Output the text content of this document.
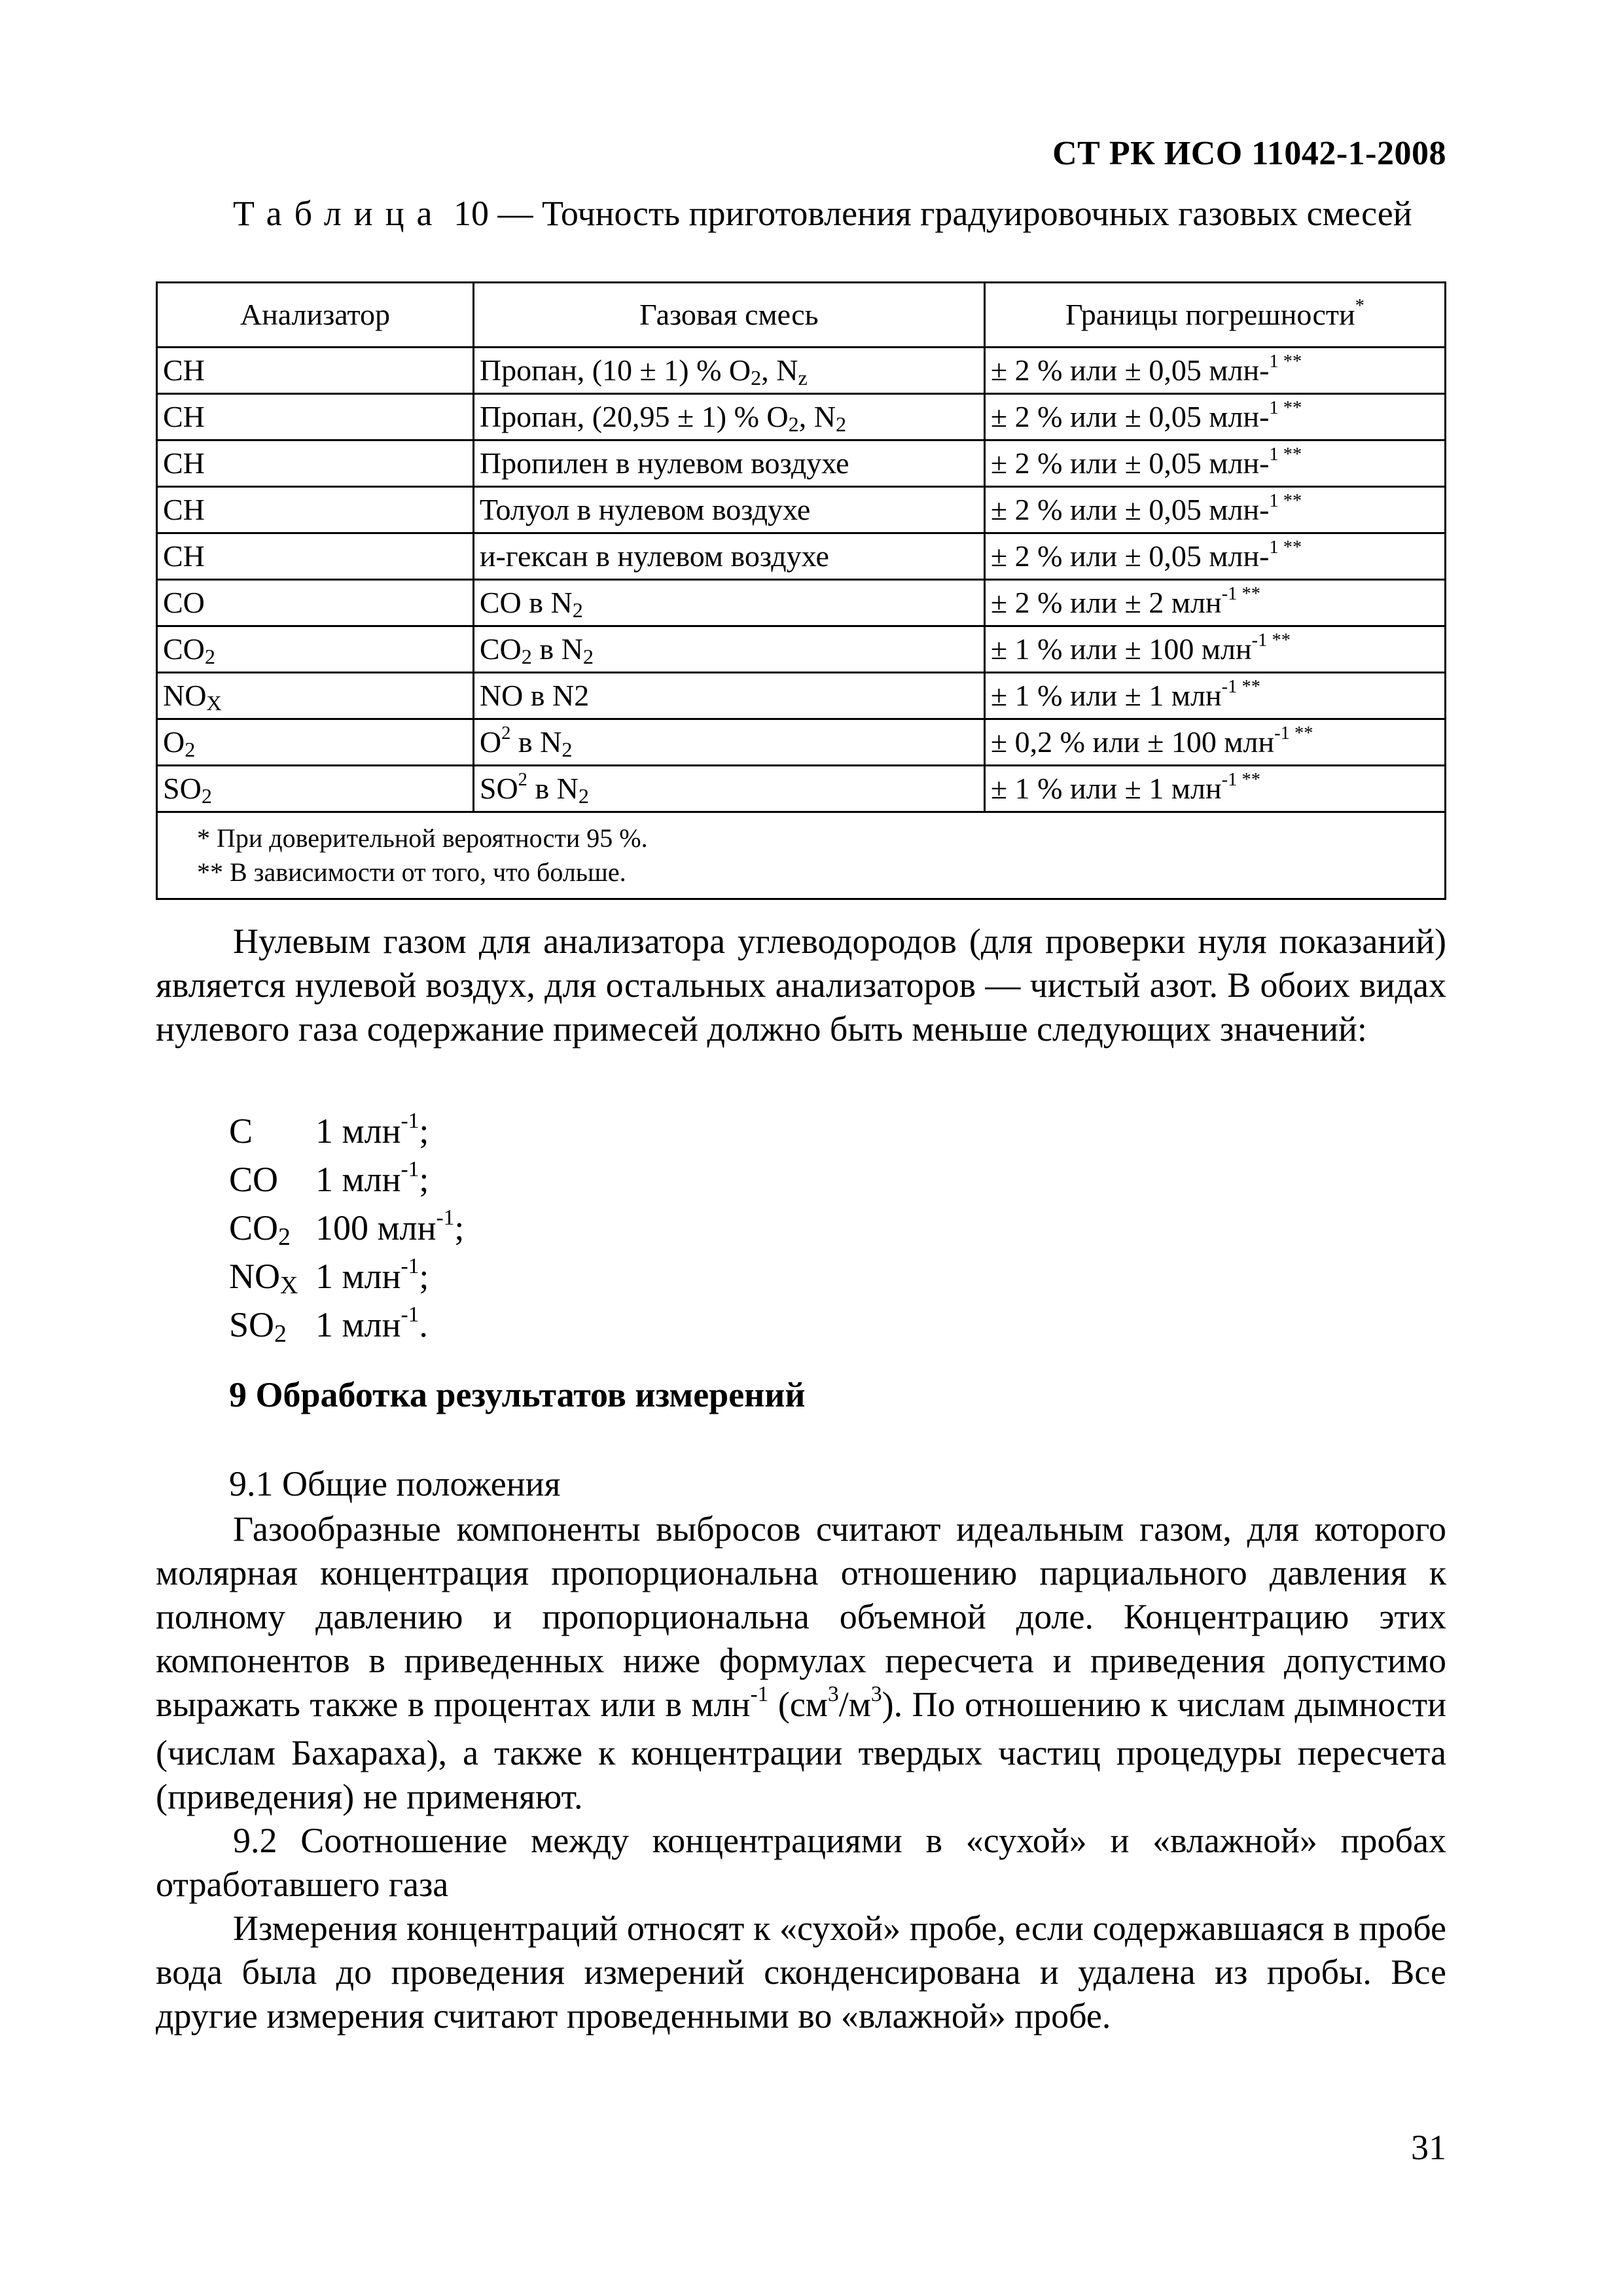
СТ РК ИСО 11042-1-2008
Таблица 10 — Точность приготовления градуировочных газовых смесей
Анализатор	Газовая смесь	Границы погрешности*
CH	Пропан, (10 ± 1) % O2, Nz	± 2 % или ± 0,05 млн-$^{1 **}$
CH	Пропан, (20,95 ± 1) % O2, N2	± 2 % или ± 0,05 млн-$^{1 **}$
CH	Пропилен в нулевом воздухе	± 2 % или ± 0,05 млн-$^{1 **}$
CH	Толуол в нулевом воздухе	± 2 % или ± 0,05 млн-$^{1 **}$
CH	и-гексан в нулевом воздухе	± 2 % или ± 0,05 млн-$^{1 **}$
CO	CO в N2	± 2 % или ± 2 млн$^{-1 **}$
CO2	CO2 в N2	± 1 % или ± 100 млн$^{-1 **}$
NOX	NO в N2	± 1 % или ± 1 млн$^{-1 **}$
O2	$O^2$ в N2	± 0,2 % или ± 100 млн$^{-1 **}$
SO2	$SO^2$ в N2	± 1 % или ± 1 млн$^{-1 **}$

* При доверительной вероятности 95 %.
** В зависимости от того, что больше.		

Нулевым газом для анализатора углеводородов (для проверки нуля показаний) является нулевой воздух, для остальных анализаторов — чистый азот. В обоих видах нулевого газа содержание примесей должно быть меньше следующих значений:

C	1 млн$^{-1}$;
CO	1 млн$^{-1}$;
CO2 100 млн$^{-1}$;
NOX 1 млн$^{-1}$;
SO2 1 млн$^{-1}$.
9 Обработка результатов измерений
9.1 Общие положения

Газообразные компоненты выбросов считают идеальным газом, для которого молярная концентрация пропорциональна отношению парциального давления к полному давлению и пропорциональна объемной доле. Концентрацию этих компонентов в приведенных ниже формулах пересчета и приведения допустимо выражать также в процентах или в млн$^{-1}$ $(см^3/м^3)$. По отношению к числам дымности (числам Бахараха), а также к концентрации твердых частиц процедуры пересчета (приведения) не применяют.

9.2 Соотношение между концентрациями в «сухой» и «влажной» пробах отработавшего газа

Измерения концентраций относят к «сухой» пробе, если содержавшаяся в пробе вода была до проведения измерений сконденсирована и удалена из пробы. Все другие измерения считают проведенными во «влажной» пробе.

31
